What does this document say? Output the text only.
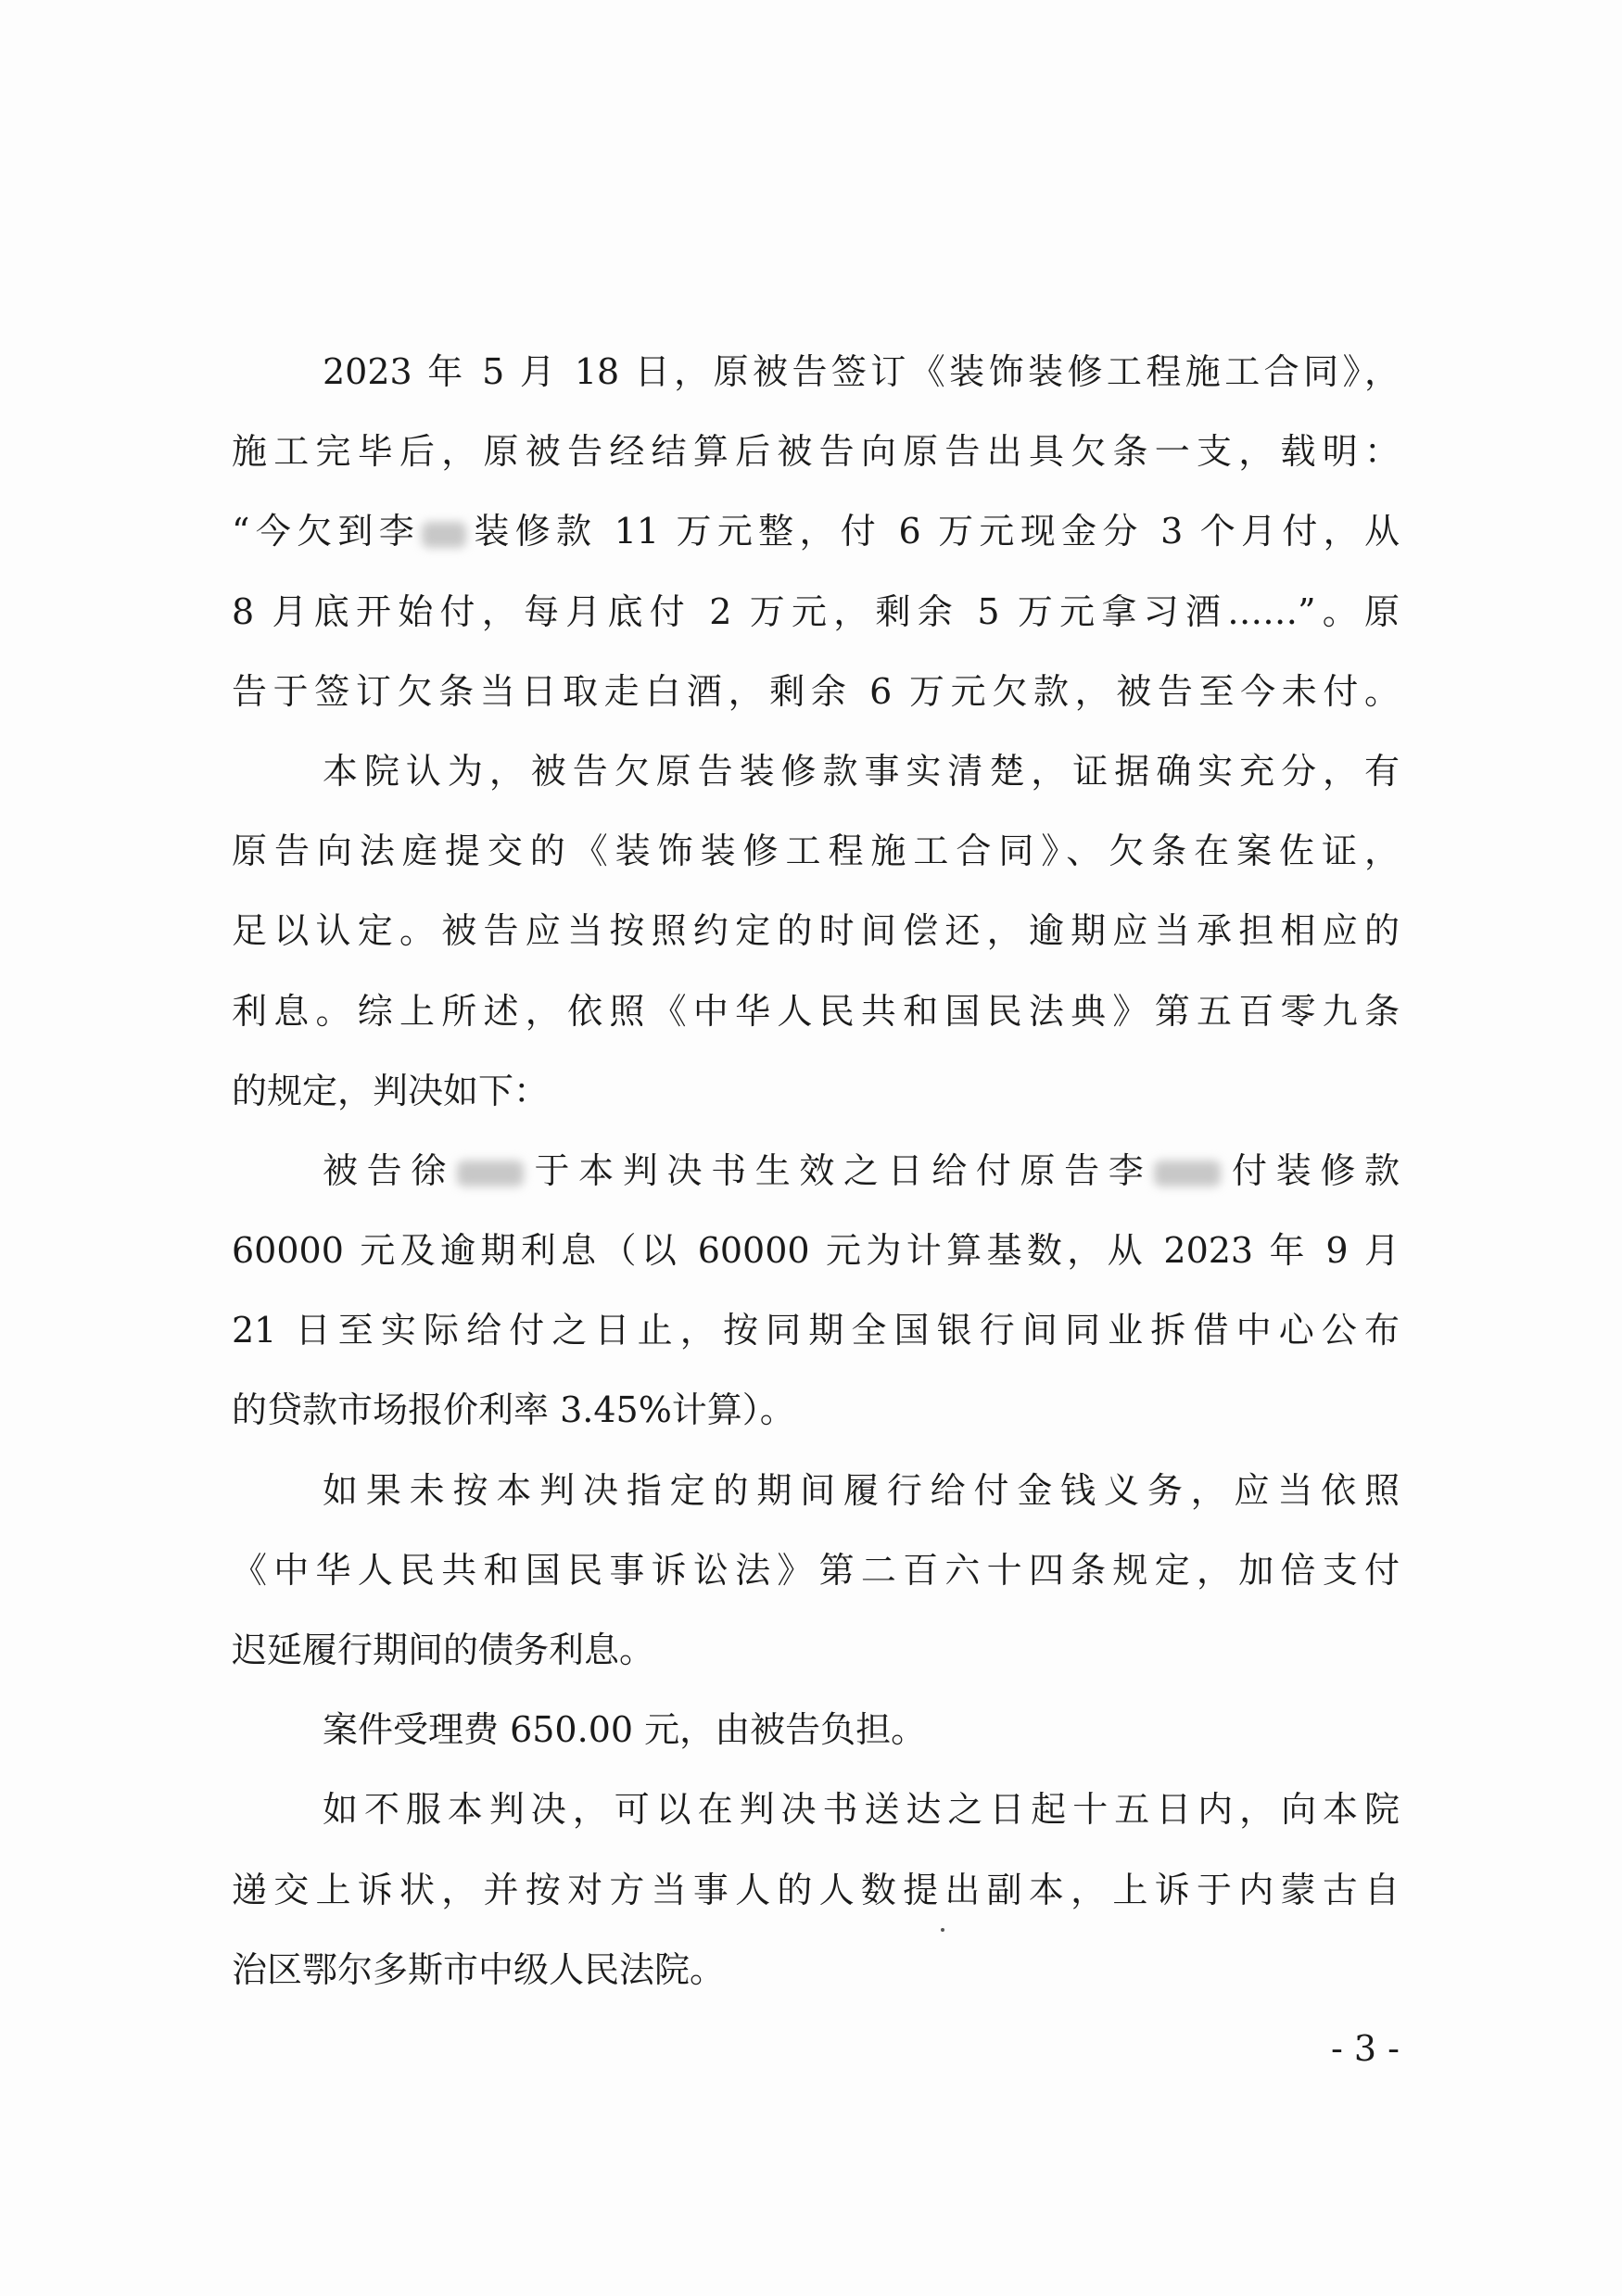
2023 年 5 月 18 日，原被告签订《装饰装修工程施工合同》，
施工完毕后，原被告经结算后被告向原告出具欠条一支，载明：
“今欠到李 装修款 11 万元整，付 6 万元现金分 3 个月付，从
8 月底开始付，每月底付 2 万元，剩余 5 万元拿习酒……”。原
告于签订欠条当日取走白酒，剩余 6 万元欠款，被告至今未付。
本院认为，被告欠原告装修款事实清楚，证据确实充分，有
原告向法庭提交的《装饰装修工程施工合同》、欠条在案佐证，
足以认定。被告应当按照约定的时间偿还，逾期应当承担相应的
利息。综上所述，依照《中华人民共和国民法典》第五百零九条
的规定，判决如下：
被告徐 于本判决书生效之日给付原告李 付装修款
60000 元及逾期利息（以 60000 元为计算基数，从 2023 年 9 月
21 日至实际给付之日止，按同期全国银行间同业拆借中心公布
的贷款市场报价利率 3.45%计算）。
如果未按本判决指定的期间履行给付金钱义务，应当依照
《中华人民共和国民事诉讼法》第二百六十四条规定，加倍支付
迟延履行期间的债务利息。
案件受理费 650.00 元，由被告负担。
如不服本判决，可以在判决书送达之日起十五日内，向本院
递交上诉状，并按对方当事人的人数提出副本，上诉于内蒙古自
治区鄂尔多斯市中级人民法院。
- 3 -
